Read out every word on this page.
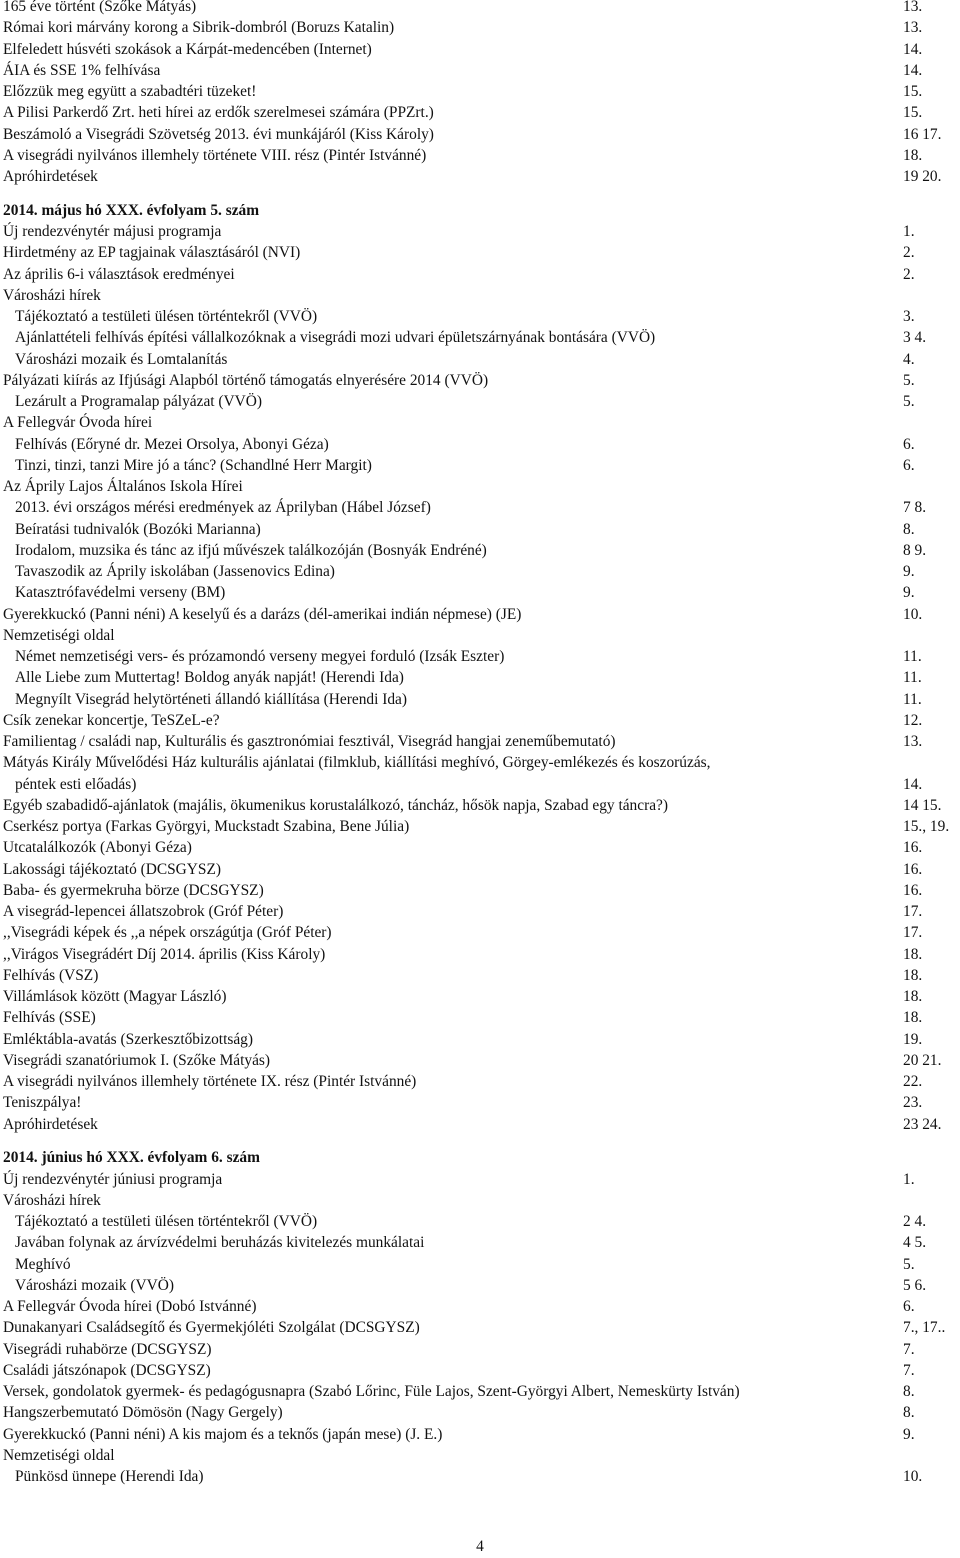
165 éve történt (Szőke Mátyás)	13.
Római kori márvány korong a Sibrik-dombról (Boruzs Katalin)	13.
Elfeledett húsvéti szokások a Kárpát-medencében (Internet)	14.
ÁIA és SSE 1% felhívása	14.
Előzzük meg együtt a szabadtéri tüzeket!	15.
A Pilisi Parkerdő Zrt. heti hírei az erdők szerelmesei számára (PPZrt.)	15.
Beszámoló a Visegrádi Szövetség 2013. évi munkájáról (Kiss Károly)	16 17.
A visegrádi nyilvános illemhely története VIII. rész (Pintér Istvánné)	18.
Apróhirdetések	19 20.
2014. május hó XXX. évfolyam 5. szám
Új rendezvénytér májusi programja	1.
Hirdetmény az EP tagjainak választásáról (NVI)	2.
Az április 6-i választások eredményei	2.
Városházi hírek
Tájékoztató a testületi ülésen történtekről (VVÖ)	3.
Ajánlattételi felhívás építési vállalkozóknak a visegrádi mozi udvari épületszárnyának bontására (VVÖ)	3 4.
Városházi mozaik és Lomtalanítás	4.
Pályázati kiírás az Ifjúsági Alapból történő támogatás elnyerésére 2014 (VVÖ)	5.
Lezárult a Programalap pályázat (VVÖ)	5.
A Fellegvár Óvoda hírei
Felhívás (Eőryné dr. Mezei Orsolya, Abonyi Géza)	6.
Tinzi, tinzi, tanzi Mire jó a tánc? (Schandlné Herr Margit)	6.
Az Áprily Lajos Általános Iskola Hírei
2013. évi országos mérési eredmények az Áprilyban (Hábel József)	7 8.
Beíratási tudnivalók (Bozóki Marianna)	8.
Irodalom, muzsika és tánc az ifjú művészek találkozóján (Bosnyák Endréné)	8 9.
Tavaszodik az Áprily iskolában (Jassenovics Edina)	9.
Katasztrófavédelmi verseny (BM)	9.
Gyerekkuckó (Panni néni) A keselyű és a darázs (dél-amerikai indián népmese) (JE)	10.
Nemzetiségi oldal
Német nemzetiségi vers- és prózamondó verseny megyei forduló (Izsák Eszter)	11.
Alle Liebe zum Muttertag! Boldog anyák napját! (Herendi Ida)	11.
Megnyílt Visegrád helytörténeti állandó kiállítása (Herendi Ida)	11.
Csík zenekar koncertje, TeSZeL-e?	12.
Familientag / családi nap, Kulturális és gasztronómiai fesztivál, Visegrád hangjai zeneműbemutató)	13.
Mátyás Király Művelődési Ház kulturális ajánlatai (filmklub, kiállítási meghívó, Görgey-emlékezés és koszorúzás,
péntek esti előadás)	14.
Egyéb szabadidő-ajánlatok (majális, ökumenikus korustalálkozó, táncház, hősök napja, Szabad egy táncra?)	14 15.
Cserkész portya (Farkas Györgyi, Muckstadt Szabina, Bene Júlia)	15., 19.
Utcatalálkozók (Abonyi Géza)	16.
Lakossági tájékoztató (DCSGYSZ)	16.
Baba- és gyermekruha börze (DCSGYSZ)	16.
A visegrád-lepencei állatszobrok (Gróf Péter)	17.
,,Visegrádi képek és ,,a népek országútja (Gróf Péter)	17.
,,Virágos Visegrádért Díj 2014. április (Kiss Károly)	18.
Felhívás (VSZ)	18.
Villámlások között (Magyar László)	18.
Felhívás (SSE)	18.
Emléktábla-avatás (Szerkesztőbizottság)	19.
Visegrádi szanatóriumok I. (Szőke Mátyás)	20 21.
A visegrádi nyilvános illemhely története IX. rész (Pintér Istvánné)	22.
Teniszpálya!	23.
Apróhirdetések	23 24.
2014. június hó XXX. évfolyam 6. szám
Új rendezvénytér júniusi programja	1.
Városházi hírek
Tájékoztató a testületi ülésen történtekről (VVÖ)	2 4.
Javában folynak az árvízvédelmi beruházás kivitelezés munkálatai	4 5.
Meghívó	5.
Városházi mozaik (VVÖ)	5 6.
A Fellegvár Óvoda hírei (Dobó Istvánné)	6.
Dunakanyari Családsegítő és Gyermekjóléti Szolgálat (DCSGYSZ)	7., 17..
Visegrádi ruhabörze (DCSGYSZ)	7.
Családi játszónapok (DCSGYSZ)	7.
Versek, gondolatok gyermek- és pedagógusnapra (Szabó Lőrinc, Füle Lajos, Szent-Györgyi Albert, Nemeskürty István)	8.
Hangszerbemutató Dömösön (Nagy Gergely)	8.
Gyerekkuckó (Panni néni) A kis majom és a teknős (japán mese) (J. E.)	9.
Nemzetiségi oldal
Pünkösd ünnepe (Herendi Ida)	10.
4
